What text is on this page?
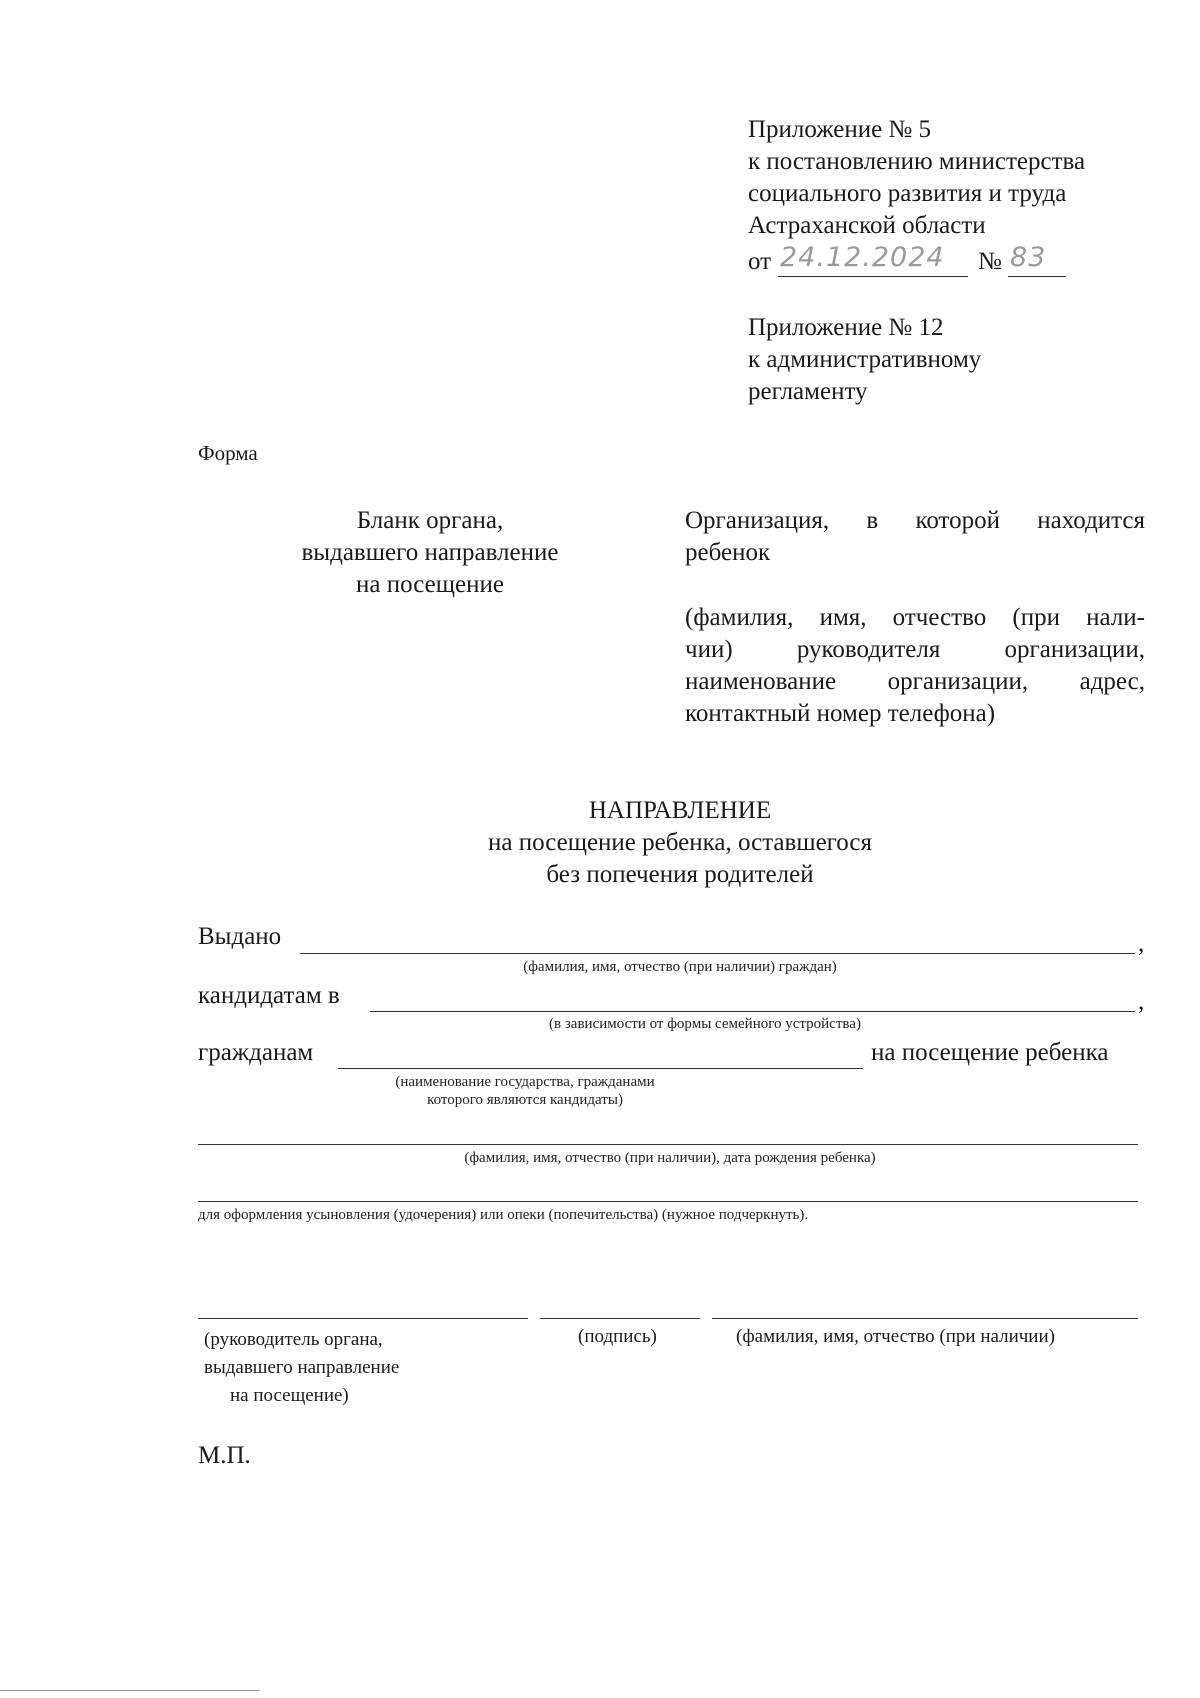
Приложение № 5
к постановлению министерства
социального развития и труда
Астраханской области
от 24.12.2024 № 83
Приложение № 12
к административному
регламенту
Форма
Бланк органа,
выдавшего направление
на посещение
Организация, в которой находится
ребенок
(фамилия, имя, отчество (при нали-
чии) руководителя организации,
наименование организации, адрес,
контактный номер телефона)
НАПРАВЛЕНИЕ
на посещение ребенка, оставшегося
без попечения родителей
Выдано	,
(фамилия, имя, отчество (при наличии) граждан)
кандидатам в	,
(в зависимости от формы семейного устройства)
гражданам	на посещение ребенка
(наименование государства, гражданами
которого являются кандидаты)
(фамилия, имя, отчество (при наличии), дата рождения ребенка)
для оформления усыновления (удочерения) или опеки (попечительства) (нужное подчеркнуть).
(руководитель органа,
выдавшего направление
на посещение)
(подпись)	(фамилия, имя, отчество (при наличии)
М.П.
